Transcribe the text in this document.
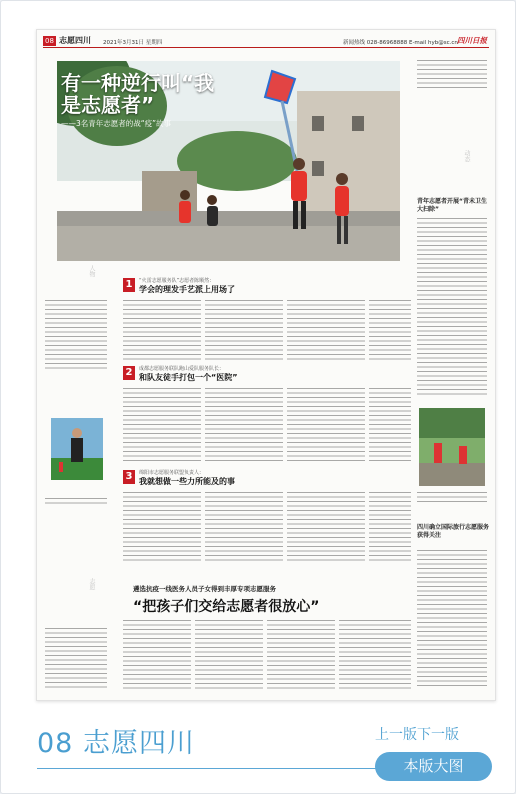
08 志愿四川 2021年3月31日 星期四	新闻热线 028-86968888 E-mail hyb@sc.cn 四川日报
有一种逆行叫“我是志愿者”
——3名青年志愿者的战“疫”故事
人物
志愿
1	“火雷志愿服务队”志愿者陈顺然：
学会的理发手艺派上用场了
2	成都志愿服务联队跑山爱队服务队长：
和队友徒手打包一个“医院”
3	绵阳市志愿服务联盟负责人：
我就想做一些力所能及的事
动态
青年志愿者开展“青未卫生大扫除”
四川确立国际旅行志愿服务获得关注
遴选抗疫一线医务人员子女得到丰厚专项志愿服务
“把孩子们交给志愿者很放心”
08 志愿四川	上一版下一版
本版大图
